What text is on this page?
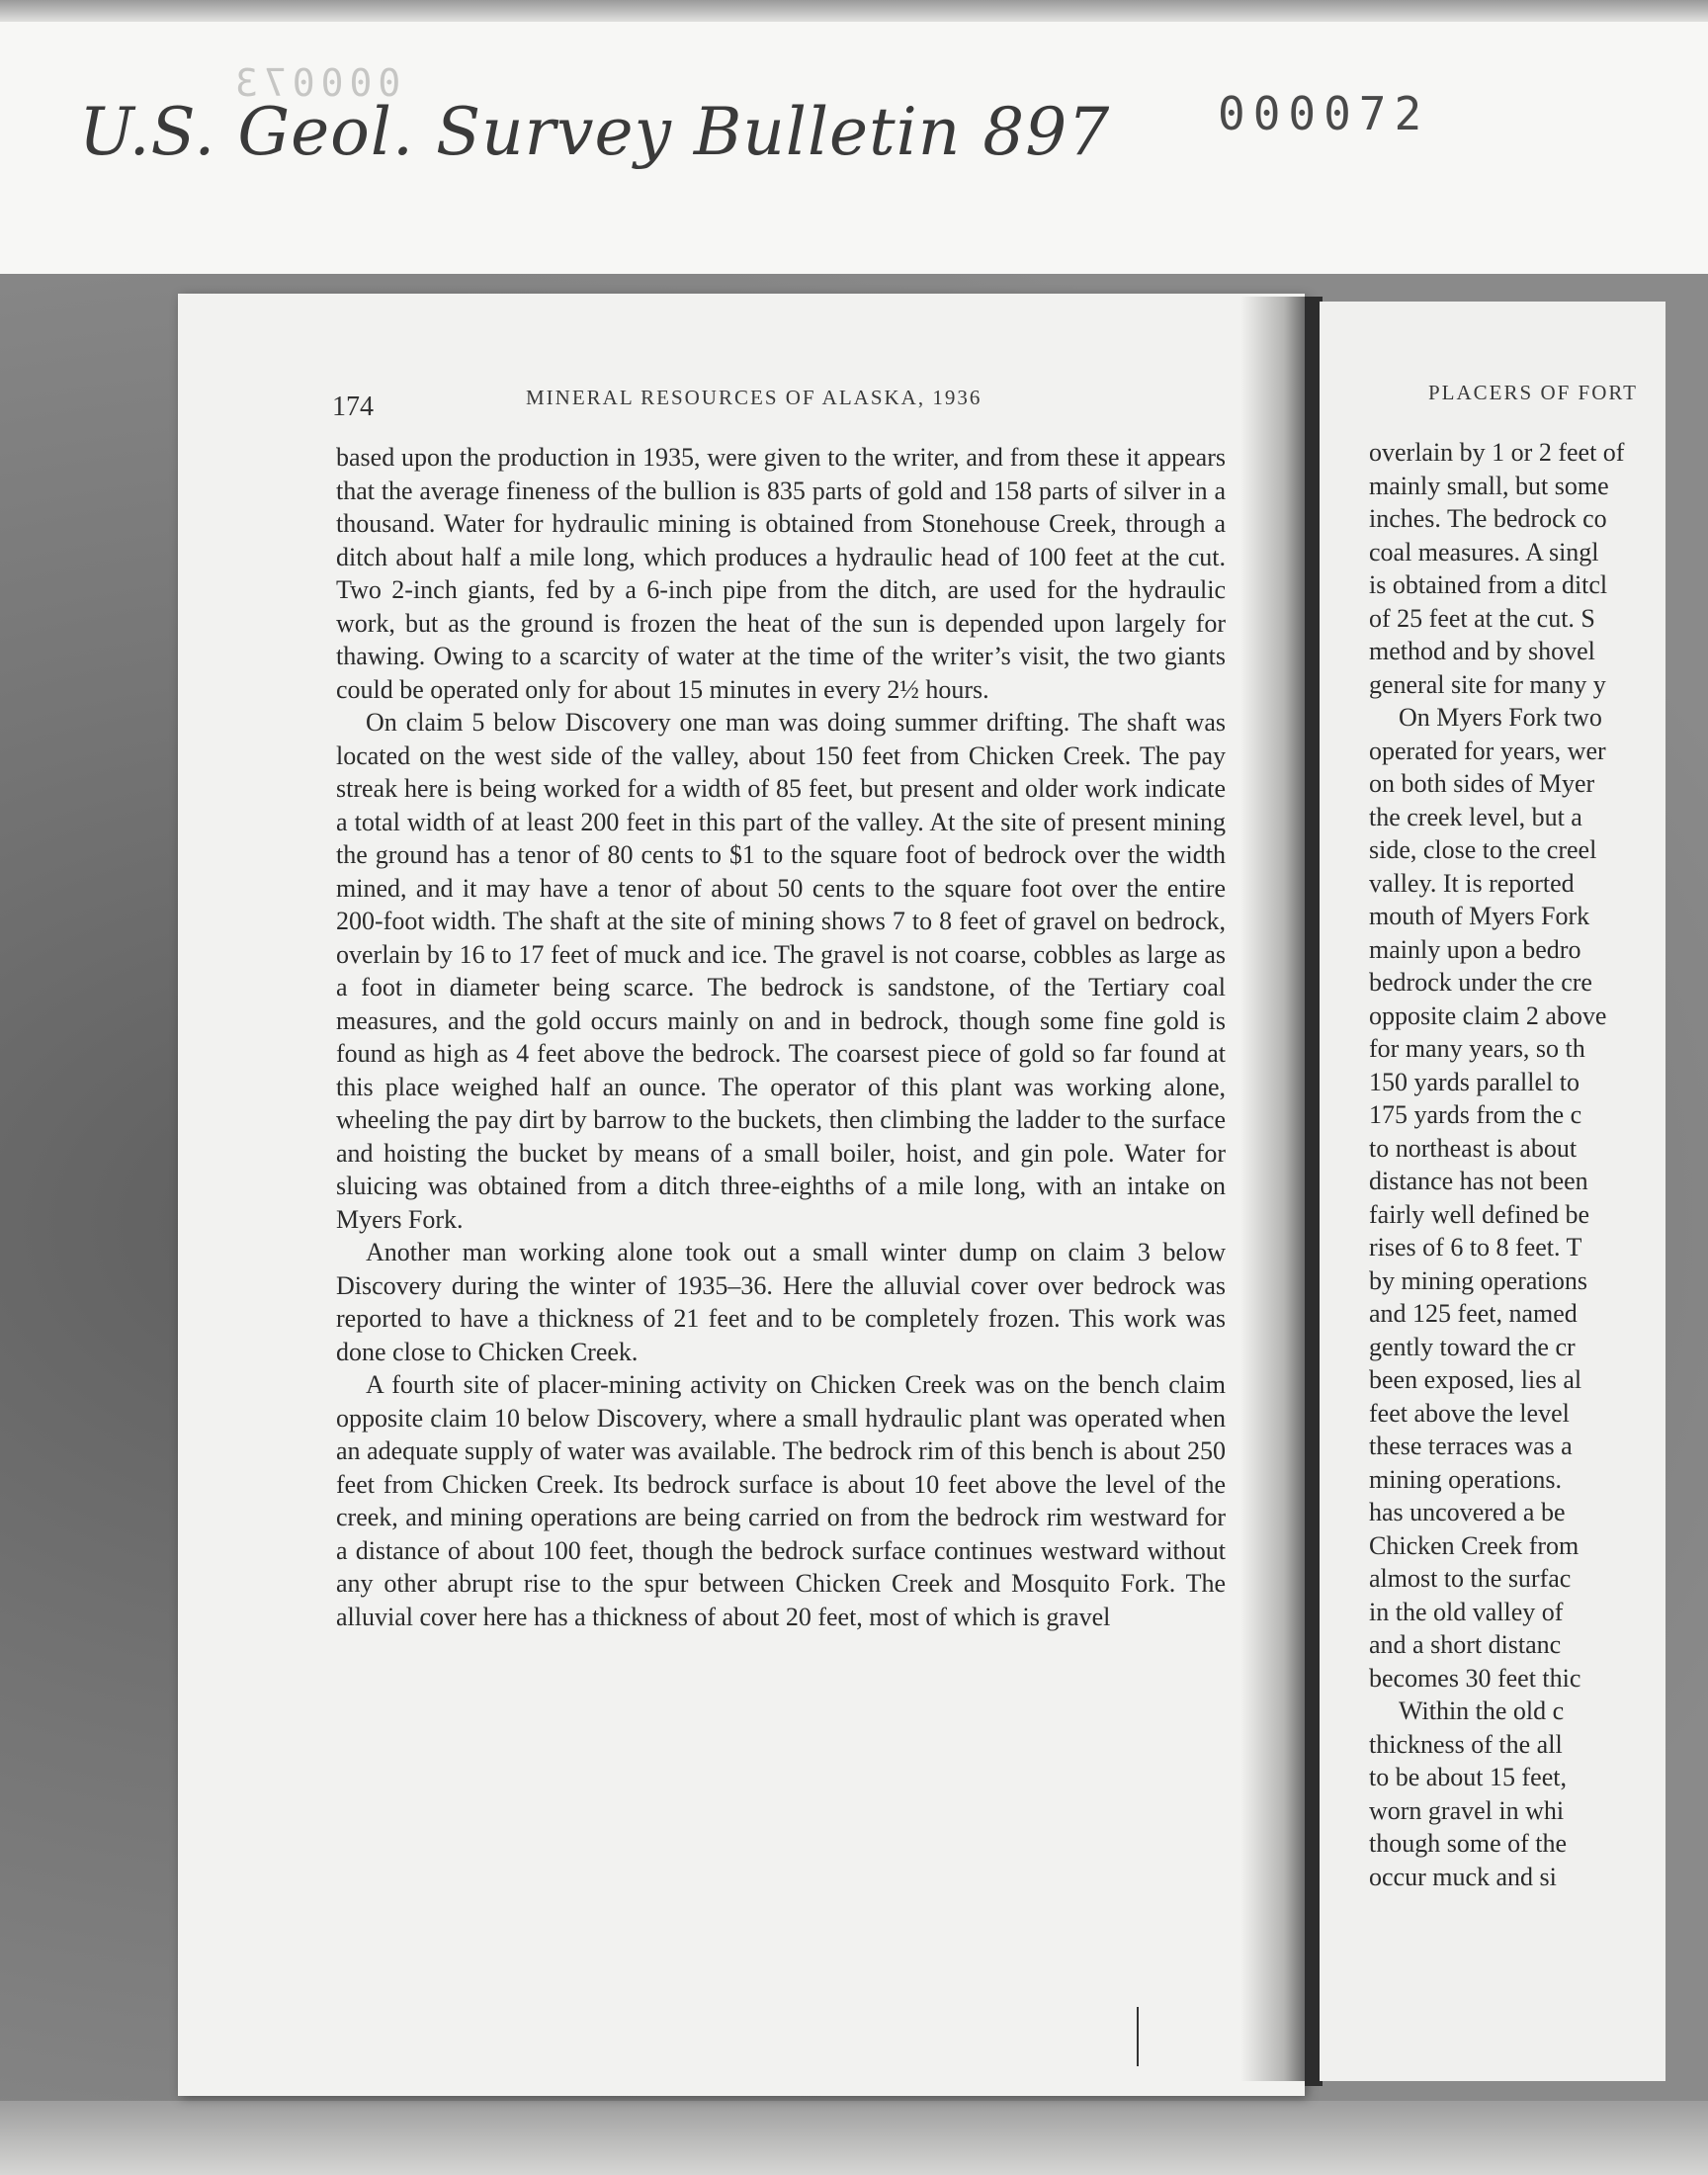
000073
U.S. Geol. Survey Bulletin 897 000072
PLACERS OF FORT
overlain by 1 or 2 feet of
mainly small, but some
inches. The bedrock co
coal measures. A singl
is obtained from a ditcl
of 25 feet at the cut. S
method and by shovel
general site for many y
On Myers Fork two
operated for years, wer
on both sides of Myer
the creek level, but a
side, close to the creel
valley. It is reported
mouth of Myers Fork
mainly upon a bedro
bedrock under the cre
opposite claim 2 above
for many years, so th
150 yards parallel to
175 yards from the c
to northeast is about
distance has not been
fairly well defined be
rises of 6 to 8 feet. T
by mining operations
and 125 feet, named
gently toward the cr
been exposed, lies al
feet above the level
these terraces was a
mining operations.
has uncovered a be
Chicken Creek from
almost to the surfac
in the old valley of
and a short distanc
becomes 30 feet thic
Within the old c
thickness of the all
to be about 15 feet,
worn gravel in whi
though some of the
occur muck and si
174	MINERAL RESOURCES OF ALASKA, 1936

based upon the production in 1935, were given to the writer, and from these it appears that the average fineness of the bullion is 835 parts of gold and 158 parts of silver in a thousand. Water for hydraulic mining is obtained from Stonehouse Creek, through a ditch about half a mile long, which produces a hydraulic head of 100 feet at the cut. Two 2-inch giants, fed by a 6-inch pipe from the ditch, are used for the hydraulic work, but as the ground is frozen the heat of the sun is depended upon largely for thawing. Owing to a scarcity of water at the time of the writer’s visit, the two giants could be operated only for about 15 minutes in every 2½ hours.

On claim 5 below Discovery one man was doing summer drifting. The shaft was located on the west side of the valley, about 150 feet from Chicken Creek. The pay streak here is being worked for a width of 85 feet, but present and older work indicate a total width of at least 200 feet in this part of the valley. At the site of present mining the ground has a tenor of 80 cents to $1 to the square foot of bedrock over the width mined, and it may have a tenor of about 50 cents to the square foot over the entire 200-foot width. The shaft at the site of mining shows 7 to 8 feet of gravel on bedrock, overlain by 16 to 17 feet of muck and ice. The gravel is not coarse, cobbles as large as a foot in diameter being scarce. The bedrock is sandstone, of the Tertiary coal measures, and the gold occurs mainly on and in bedrock, though some fine gold is found as high as 4 feet above the bedrock. The coarsest piece of gold so far found at this place weighed half an ounce. The operator of this plant was working alone, wheeling the pay dirt by barrow to the buckets, then climbing the ladder to the surface and hoisting the bucket by means of a small boiler, hoist, and gin pole. Water for sluicing was obtained from a ditch three-eighths of a mile long, with an intake on Myers Fork.

Another man working alone took out a small winter dump on claim 3 below Discovery during the winter of 1935–36. Here the alluvial cover over bedrock was reported to have a thickness of 21 feet and to be completely frozen. This work was done close to Chicken Creek.

A fourth site of placer-mining activity on Chicken Creek was on the bench claim opposite claim 10 below Discovery, where a small hydraulic plant was operated when an adequate supply of water was available. The bedrock rim of this bench is about 250 feet from Chicken Creek. Its bedrock surface is about 10 feet above the level of the creek, and mining operations are being carried on from the bedrock rim westward for a distance of about 100 feet, though the bedrock surface continues westward without any other abrupt rise to the spur between Chicken Creek and Mosquito Fork. The alluvial cover here has a thickness of about 20 feet, most of which is gravel
